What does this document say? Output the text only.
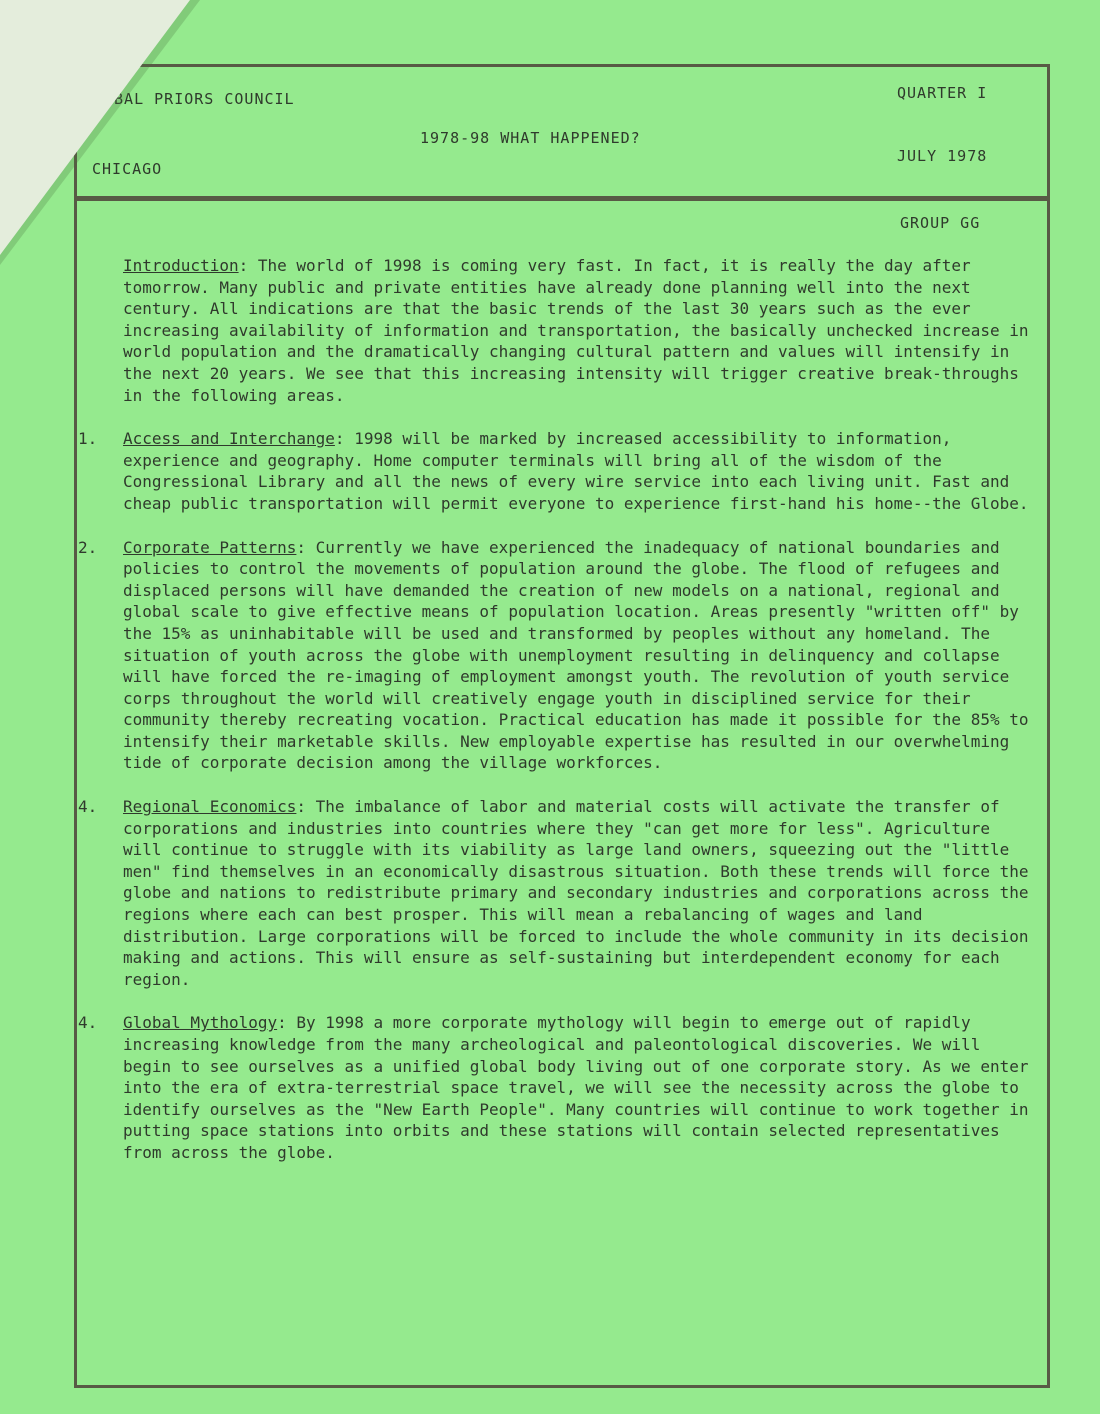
OBAL PRIORS COUNCIL	QUARTER I
1978-98 WHAT HAPPENED?
CHICAGO
JULY 1978
GROUP GG

Introduction: The world of 1998 is coming very fast. In fact, it is really the day after tomorrow. Many public and private entities have already done planning well into the next century. All indications are that the basic trends of the last 30 years such as the ever increasing availability of information and transportation, the basically unchecked increase in world population and the dramatically changing cultural pattern and values will intensify in the next 20 years. We see that this increasing intensity will trigger creative break-throughs in the following areas.

1. Access and Interchange: 1998 will be marked by increased accessibility to information, experience and geography. Home computer terminals will bring all of the wisdom of the Congressional Library and all the news of every wire service into each living unit. Fast and cheap public transportation will permit everyone to experience first-hand his home--the Globe.

2. Corporate Patterns: Currently we have experienced the inadequacy of national boundaries and policies to control the movements of population around the globe. The flood of refugees and displaced persons will have demanded the creation of new models on a national, regional and global scale to give effective means of population location. Areas presently "written off" by the 15% as uninhabitable will be used and transformed by peoples without any homeland. The situation of youth across the globe with unemployment resulting in delinquency and collapse will have forced the re-imaging of employment amongst youth. The revolution of youth service corps throughout the world will creatively engage youth in disciplined service for their community thereby recreating vocation. Practical education has made it possible for the 85% to intensify their marketable skills. New employable expertise has resulted in our overwhelming tide of corporate decision among the village workforces.

4. Regional Economics: The imbalance of labor and material costs will activate the transfer of corporations and industries into countries where they "can get more for less". Agriculture will continue to struggle with its viability as large land owners, squeezing out the "little men" find themselves in an economically disastrous situation. Both these trends will force the globe and nations to redistribute primary and secondary industries and corporations across the regions where each can best prosper. This will mean a rebalancing of wages and land distribution. Large corporations will be forced to include the whole community in its decision making and actions. This will ensure as self-sustaining but interdependent economy for each region.

4. Global Mythology: By 1998 a more corporate mythology will begin to emerge out of rapidly increasing knowledge from the many archeological and paleontological discoveries. We will begin to see ourselves as a unified global body living out of one corporate story. As we enter into the era of extra-terrestrial space travel, we will see the necessity across the globe to identify ourselves as the "New Earth People". Many countries will continue to work together in putting space stations into orbits and these stations will contain selected representatives from across the globe.
